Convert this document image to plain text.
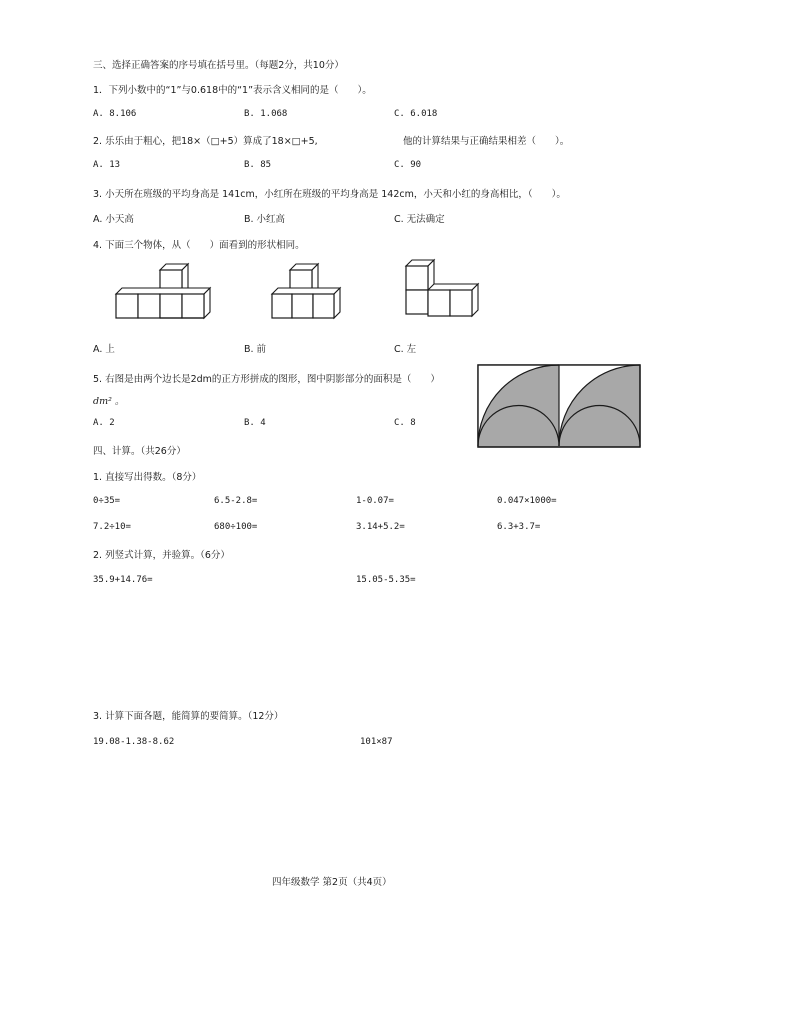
三、选择正确答案的序号填在括号里。（每题2分，共10分）
1．下列小数中的“1”与0.618中的“1”表示含义相同的是（　　）。
A. 8.106	B. 1.068	C. 6.018
2. 乐乐由于粗心，把18×（□+5）算成了18×□+5,	他的计算结果与正确结果相差（　　）。
A. 13	B. 85	C. 90
3. 小天所在班级的平均身高是 141cm，小红所在班级的平均身高是 142cm，小天和小红的身高相比，（　　）。
A. 小天高	B. 小红高	C. 无法确定
4. 下面三个物体，从（　　）面看到的形状相同。
A. 上	B. 前	C. 左
5. 右图是由两个边长是2dm的正方形拼成的图形，图中阴影部分的面积是（　　）
dm² 。
A. 2	B. 4	C. 8
四、计算。（共26分）
1. 直接写出得数。（8分）
0÷35=	6.5-2.8=	1-0.07=	0.047×1000=
7.2÷10=	680÷100=	3.14+5.2=	6.3+3.7=
2. 列竖式计算，并验算。（6分）
35.9+14.76=	15.05-5.35=
3. 计算下面各题，能简算的要简算。（12分）
19.08-1.38-8.62	101×87
四年级数学 第2页（共4页）
